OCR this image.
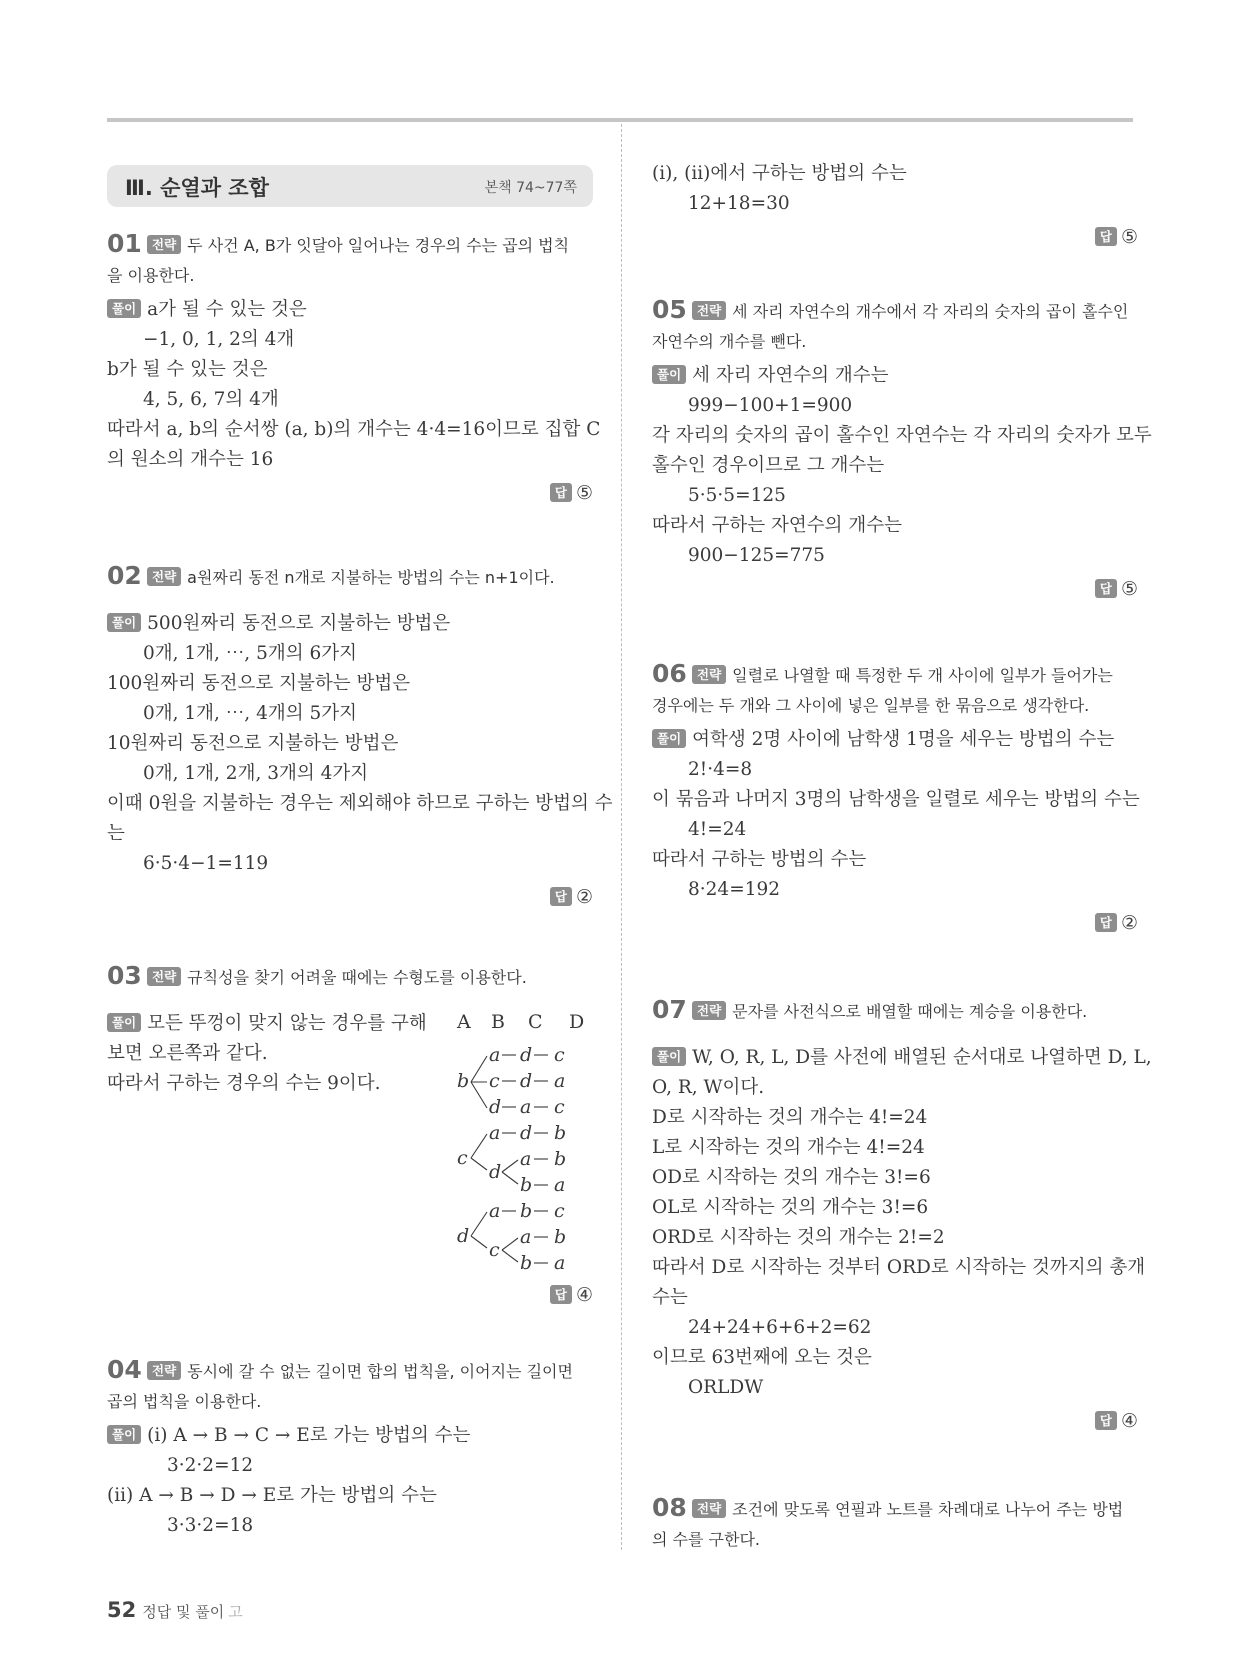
Ⅲ. 순열과 조합	본책 74~77쪽
01 전략 두 사건 A, B가 잇달아 일어나는 경우의 수는 곱의 법칙
을 이용한다.
풀이 a가 될 수 있는 것은
−1, 0, 1, 2의 4개
b가 될 수 있는 것은
4, 5, 6, 7의 4개
따라서 a, b의 순서쌍 (a, b)의 개수는 4·4=16이므로 집합 C
의 원소의 개수는 16
답 ⑤
02 전략 a원짜리 동전 n개로 지불하는 방법의 수는 n+1이다.
풀이 500원짜리 동전으로 지불하는 방법은
0개, 1개, ⋯, 5개의 6가지
100원짜리 동전으로 지불하는 방법은
0개, 1개, ⋯, 4개의 5가지
10원짜리 동전으로 지불하는 방법은
0개, 1개, 2개, 3개의 4가지
이때 0원을 지불하는 경우는 제외해야 하므로 구하는 방법의 수
는
6·5·4−1=119
답 ②
03 전략 규칙성을 찾기 어려울 때에는 수형도를 이용한다.
풀이 모든 뚜껑이 맞지 않는 경우를 구해
보면 오른쪽과 같다.
따라서 구하는 경우의 수는 9이다.
답 ④
04 전략 동시에 갈 수 없는 길이면 합의 법칙을, 이어지는 길이면
곱의 법칙을 이용한다.
풀이 (i) A → B → C → E로 가는 방법의 수는
3·2·2=12
(ii) A → B → D → E로 가는 방법의 수는
3·3·2=18
A B C D
b
a d c
c d a
d a c
c
a d b
d
a b
b a
d
a b c
c
a b
b a
(i), (ii)에서 구하는 방법의 수는
12+18=30
답 ⑤
05 전략 세 자리 자연수의 개수에서 각 자리의 숫자의 곱이 홀수인
자연수의 개수를 뺀다.
풀이 세 자리 자연수의 개수는
999−100+1=900
각 자리의 숫자의 곱이 홀수인 자연수는 각 자리의 숫자가 모두
홀수인 경우이므로 그 개수는
5·5·5=125
따라서 구하는 자연수의 개수는
900−125=775
답 ⑤
06 전략 일렬로 나열할 때 특정한 두 개 사이에 일부가 들어가는
경우에는 두 개와 그 사이에 넣은 일부를 한 묶음으로 생각한다.
풀이 여학생 2명 사이에 남학생 1명을 세우는 방법의 수는
2!·4=8
이 묶음과 나머지 3명의 남학생을 일렬로 세우는 방법의 수는
4!=24
따라서 구하는 방법의 수는
8·24=192
답 ②
07 전략 문자를 사전식으로 배열할 때에는 계승을 이용한다.
풀이 W, O, R, L, D를 사전에 배열된 순서대로 나열하면 D, L,
O, R, W이다.
D로 시작하는 것의 개수는 4!=24
L로 시작하는 것의 개수는 4!=24
OD로 시작하는 것의 개수는 3!=6
OL로 시작하는 것의 개수는 3!=6
ORD로 시작하는 것의 개수는 2!=2
따라서 D로 시작하는 것부터 ORD로 시작하는 것까지의 총개
수는
24+24+6+6+2=62
이므로 63번째에 오는 것은
ORLDW
답 ④
08 전략 조건에 맞도록 연필과 노트를 차례대로 나누어 주는 방법
의 수를 구한다.
52 정답 및 풀이 고
